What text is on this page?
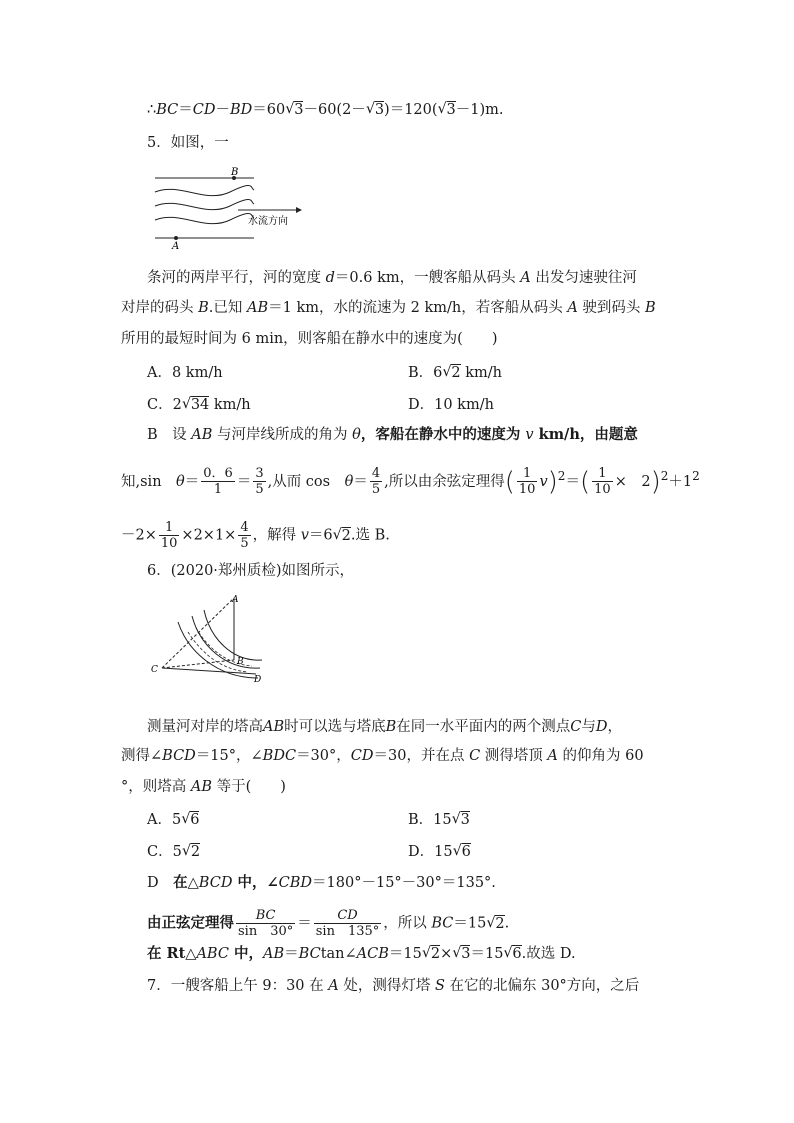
∴BC＝CD－BD＝60 √ 3－60(2－ √ 3)＝120( √ 3－1)m.
5．如图，一
B
A
水流方向
条河的两岸平行，河的宽度 d＝0.6 km，一艘客船从码头 A 出发匀速驶往河
对岸的码头 B.已知 AB＝1 km，水的流速为 2 km/h，若客船从码头 A 驶到码头 B
所用的最短时间为 6 min，则客船在静水中的速度为(　　)
A．8 km/h	B．6 √ 2 km/h
C．2 √ 34 km/h	D．10 km/h
B　设 AB 与河岸线所成的角为 θ，客船在静水中的速度为 v km/h，由题意
知,sin　$\theta= \frac{0.6}{1} = \frac{3}{5}$ ,从而 cos　$\theta= \frac{4}{5}$ ,所以由余弦定理得( $\frac{1}{10} v)^2=( \frac{1}{10}$ ×　$2)^2+1^2$
$-2\times \frac{1}{10} \times 2\times 1\times \frac{4}{5}$ ，解得 v＝6 √ 2.选 B.
6．(2020·郑州质检)如图所示，
A
B
C
D
测量河对岸的塔高AB时可以选与塔底B在同一水平面内的两个测点C与D，
测得∠BCD＝15°，∠BDC＝30°，CD＝30，并在点 C 测得塔顶 A 的仰角为 60
°，则塔高 AB 等于(　　)
A．5 √ 6	B．15 √ 3
C．5 √ 2	D．15 √ 6
D　在△BCD 中，∠CBD＝180°－15°－30°＝135°.
由正弦定理得 $\frac{BC}{\sin 30^\circ} = \frac{CD}{\sin 135^\circ}$ ，所以 BC＝15 √ 2.
在 Rt△ABC 中，AB＝BCtan∠ACB＝15 √ 2× √ 3＝15 √ 6.故选 D.
7．一艘客船上午 9：30 在 A 处，测得灯塔 S 在它的北偏东 30°方向，之后
